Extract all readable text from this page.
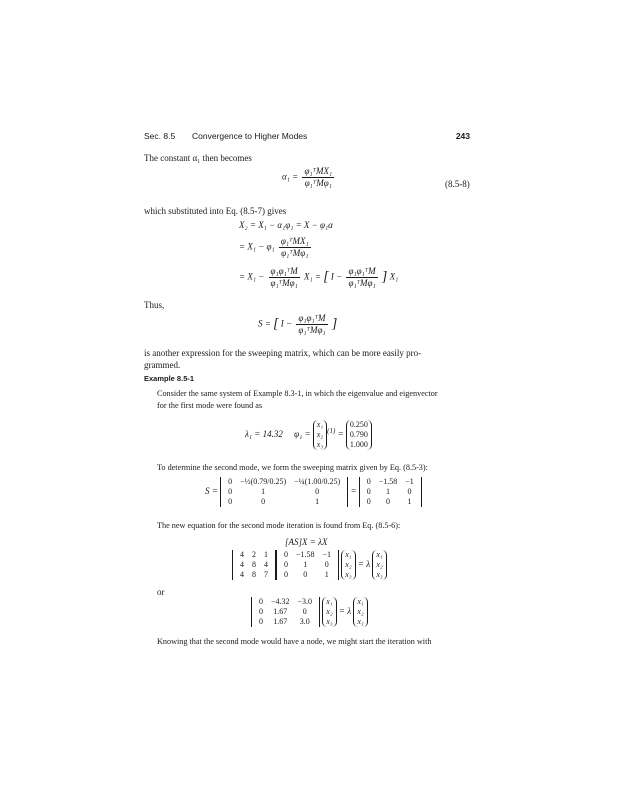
Sec. 8.5 Convergence to Higher Modes	243
The constant α₁ then becomes
$\alpha_1 = \frac{\text{φ₁ᵀMX₁}}{\text{φ₁ᵀMφ₁}}$	(8.5-8)
which substituted into Eq. (8.5-7) gives
X₂ = X₁ − α₁φ₁ = X − φ₁α
= $X_1 - \varphi_1 \frac{\text{φ₁ᵀMX₁}}{\text{φ₁ᵀMφ₁}}$
= $X_1 - \frac{\text{φ₁φ₁ᵀM}}{\text{φ₁ᵀMφ₁}} X_1$ = [ $I - \frac{\text{φ₁φ₁ᵀM}}{\text{φ₁ᵀMφ₁}}$ ] X₁
Thus,
S = [ $I - \frac{\text{φ₁φ₁ᵀM}}{\text{φ₁ᵀMφ₁}}$ ]
is another expression for the sweeping matrix, which can be more easily pro-
grammed.
Example 8.5-1
Consider the same system of Example 8.3-1, in which the eigenvalue and eigenvector
for the first mode were found as
λ₁ = 14.32 φ₁ =
x₁
x₂
x₃
$^{(1)}$ =
0.250
0.790
1.000
To determine the second mode, we form the sweeping matrix given by Eq. (8.5-3):
S =
0	−½(0.79/0.25)	−¼(1.00/0.25)
0	1	0
0	0	1
=
0	−1.58	−1
0	1	0
0	0	1
The new equation for the second mode iteration is found from Eq. (8.5-6):
[AS]X = λX
4	2	1
4	8	4
4	8	7
0	−1.58	−1
0	1	0
0	0	1

x₁
x₂
x₃
= λ
x₁
x₂
x₃
or
0	−4.32	−3.0
0	1.67	0
0	1.67	3.0

x₁
x₂
x₃
= λ
x₁
x₂
x₃
Knowing that the second mode would have a node, we might start the iteration with
